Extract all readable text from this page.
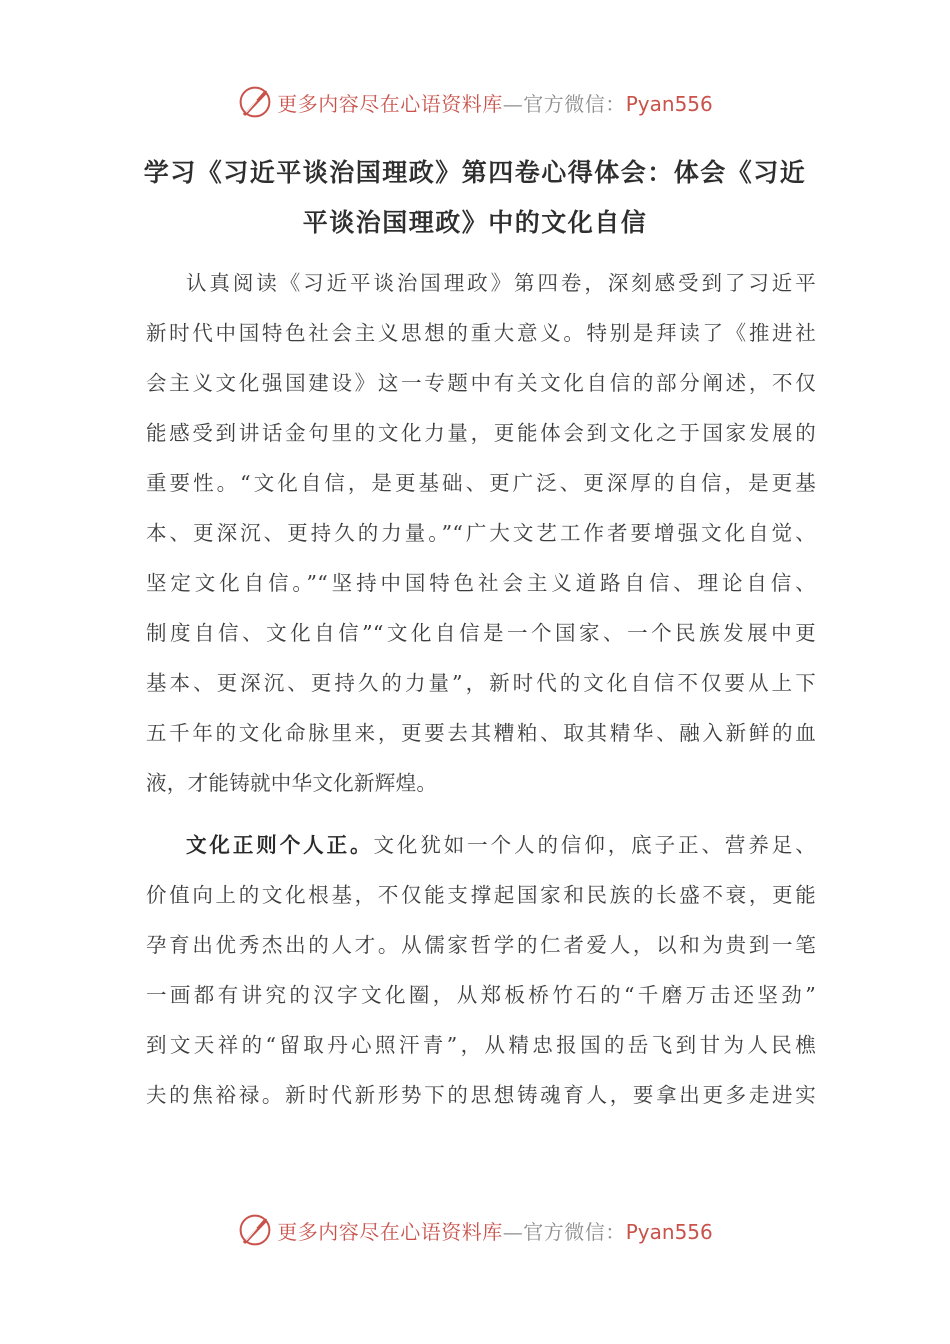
更多内容尽在心语资料库—官方微信：Pyan556
学习《习近平谈治国理政》第四卷心得体会：体会《习近
平谈治国理政》中的文化自信
认真阅读《习近平谈治国理政》第四卷，深刻感受到了习近平
新时代中国特色社会主义思想的重大意义。特别是拜读了《推进社
会主义文化强国建设》这一专题中有关文化自信的部分阐述，不仅
能感受到讲话金句里的文化力量，更能体会到文化之于国家发展的
重要性。“文化自信，是更基础、更广泛、更深厚的自信，是更基
本、更深沉、更持久的力量。”“广大文艺工作者要增强文化自觉、
坚定文化自信。”“坚持中国特色社会主义道路自信、理论自信、
制度自信、文化自信”“文化自信是一个国家、一个民族发展中更
基本、更深沉、更持久的力量”，新时代的文化自信不仅要从上下
五千年的文化命脉里来，更要去其糟粕、取其精华、融入新鲜的血
液，才能铸就中华文化新辉煌。
文化正则个人正。文化犹如一个人的信仰，底子正、营养足、
价值向上的文化根基，不仅能支撑起国家和民族的长盛不衰，更能
孕育出优秀杰出的人才。从儒家哲学的仁者爱人，以和为贵到一笔
一画都有讲究的汉字文化圈，从郑板桥竹石的“千磨万击还坚劲”
到文天祥的“留取丹心照汗青”，从精忠报国的岳飞到甘为人民樵
夫的焦裕禄。新时代新形势下的思想铸魂育人，要拿出更多走进实
更多内容尽在心语资料库—官方微信：Pyan556
